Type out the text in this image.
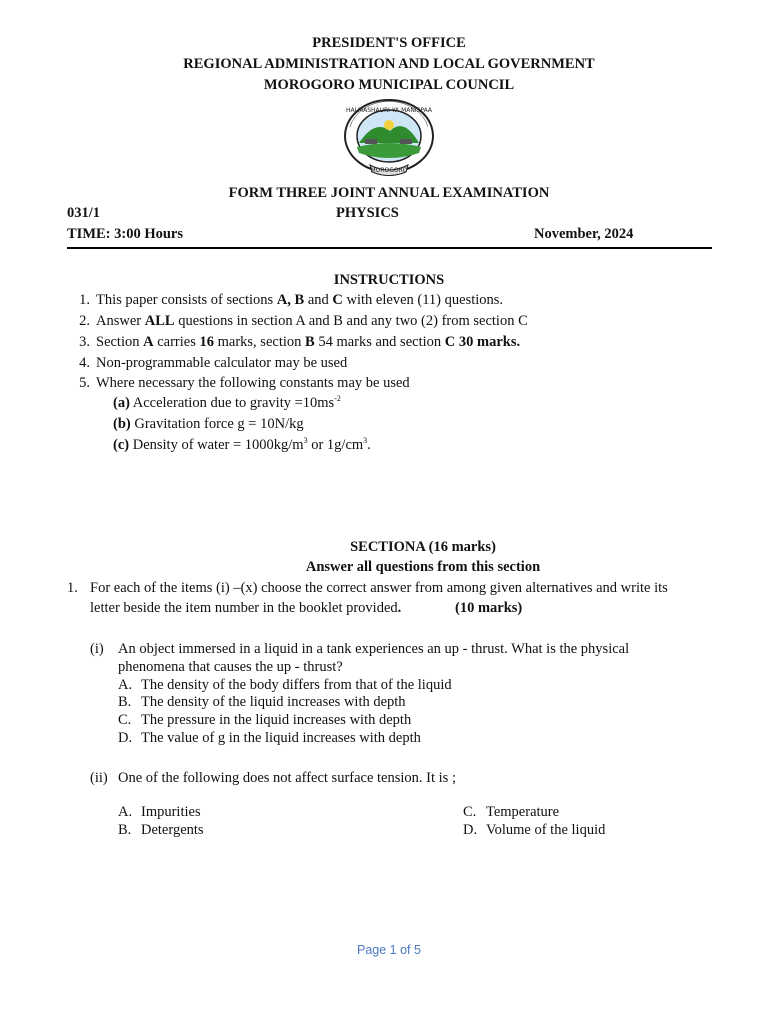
PRESIDENT'S OFFICE
REGIONAL ADMINISTRATION AND LOCAL GOVERNMENT
MOROGORO MUNICIPAL COUNCIL
HALMASHAURI YA MANISPAA
MOROGORO
FORM THREE JOINT ANNUAL EXAMINATION
031/1	PHYSICS
TIME: 3:00 Hours	November, 2024
INSTRUCTIONS
1. This paper consists of sections A, B and C with eleven (11) questions.
2. Answer ALL questions in section A and B and any two (2) from section C
3. Section A carries 16 marks, section B 54 marks and section C 30 marks.
4. Non-programmable calculator may be used
5. Where necessary the following constants may be used
(a) Acceleration due to gravity $=10ms^{-2}$
(b) Gravitation force g = 10N/kg
(c) Density of water = $1000kg/m^3$ or $1g/cm^3$.
SECTIONA (16 marks)
Answer all questions from this section
1. For each of the items (i) –(x) choose the correct answer from among given alternatives and write its
letter beside the item number in the booklet provided.	(10 marks)
(i) An object immersed in a liquid in a tank experiences an up - thrust. What is the physical
phenomena that causes the up - thrust?
A. The density of the body differs from that of the liquid
B. The density of the liquid increases with depth
C. The pressure in the liquid increases with depth
D. The value of g in the liquid increases with depth
(ii) One of the following does not affect surface tension. It is ;
A. Impurities
B. Detergents
C. Temperature
D. Volume of the liquid
Page 1 of 5
